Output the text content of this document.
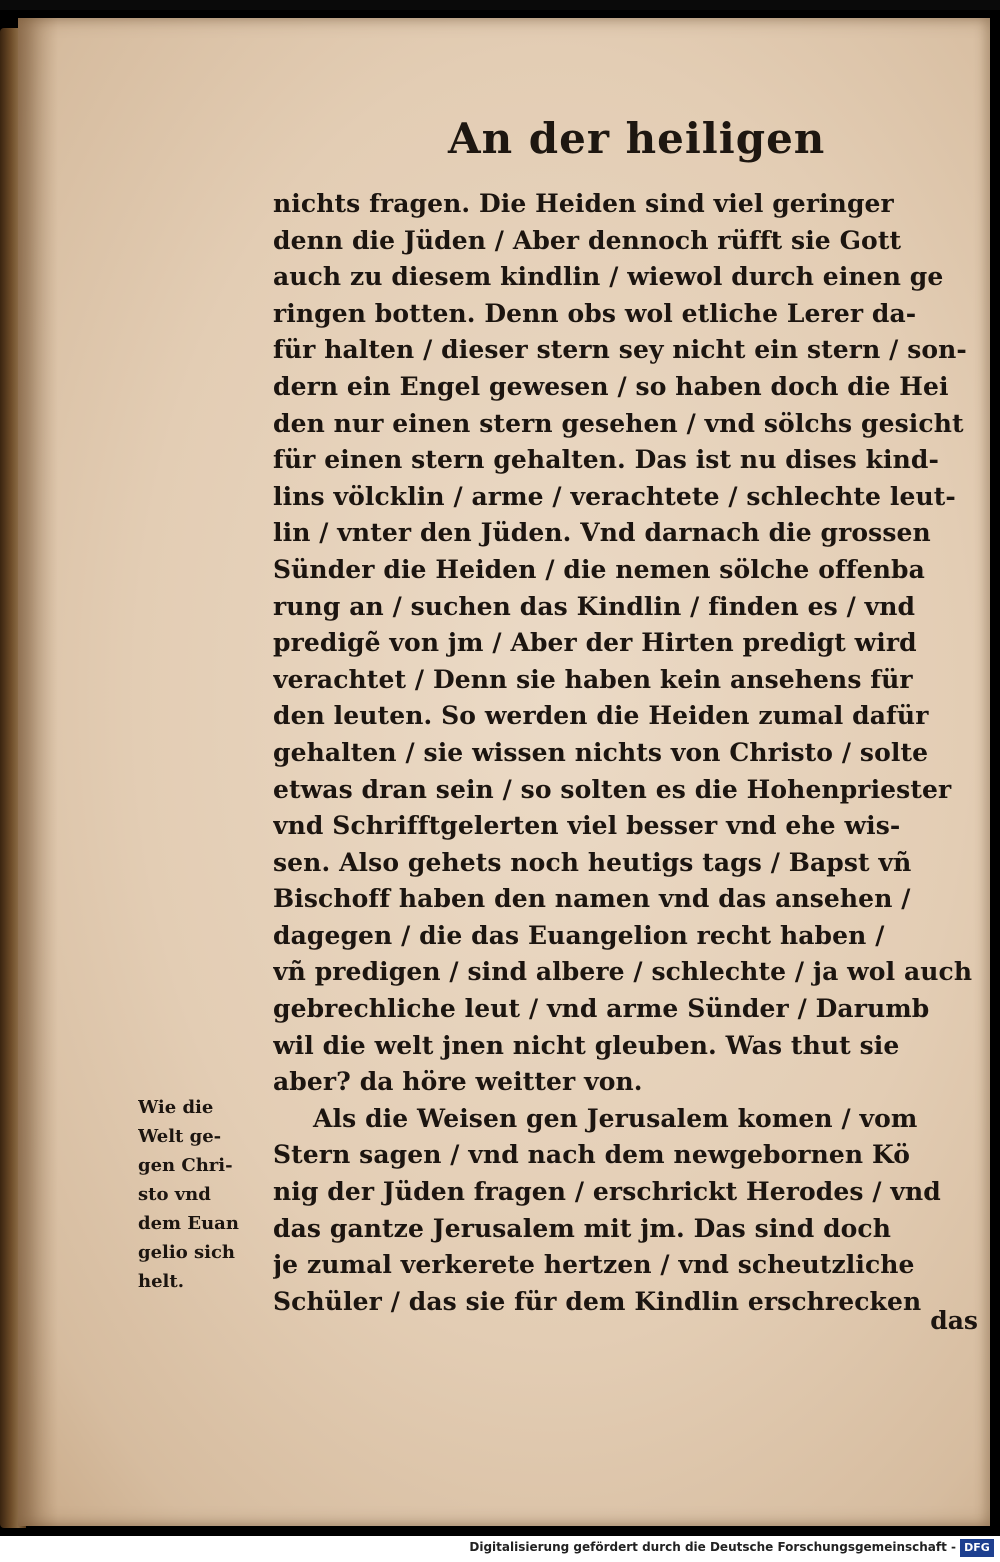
An der heiligen
nichts fragen. Die Heiden sind viel geringer
denn die Jüden / Aber dennoch rüfft sie Gott
auch zu diesem kindlin / wiewol durch einen ge
ringen botten. Denn obs wol etliche Lerer da-
für halten / dieser stern sey nicht ein stern / son-
dern ein Engel gewesen / so haben doch die Hei
den nur einen stern gesehen / vnd sölchs gesicht
für einen stern gehalten. Das ist nu dises kind-
lins völcklin / arme / verachtete / schlechte leut-
lin / vnter den Jüden. Vnd darnach die grossen
Sünder die Heiden / die nemen sölche offenba
rung an / suchen das Kindlin / finden es / vnd
predigẽ von jm / Aber der Hirten predigt wird
verachtet / Denn sie haben kein ansehens für
den leuten. So werden die Heiden zumal dafür
gehalten / sie wissen nichts von Christo / solte
etwas dran sein / so solten es die Hohenpriester
vnd Schrifftgelerten viel besser vnd ehe wis-
sen. Also gehets noch heutigs tags / Bapst vñ
Bischoff haben den namen vnd das ansehen /
dagegen / die das Euangelion recht haben /
vñ predigen / sind albere / schlechte / ja wol auch
gebrechliche leut / vnd arme Sünder / Darumb
wil die welt jnen nicht gleuben. Was thut sie
aber? da höre weitter von.
Als die Weisen gen Jerusalem komen / vom
Stern sagen / vnd nach dem newgebornen Kö
nig der Jüden fragen / erschrickt Herodes / vnd
das gantze Jerusalem mit jm. Das sind doch
je zumal verkerete hertzen / vnd scheutzliche
Schüler / das sie für dem Kindlin erschrecken
Wie die
Welt ge-
gen Chri-
sto vnd
dem Euan
gelio sich
helt.
das
Digitalisierung gefördert durch die Deutsche Forschungsgemeinschaft - DFG
